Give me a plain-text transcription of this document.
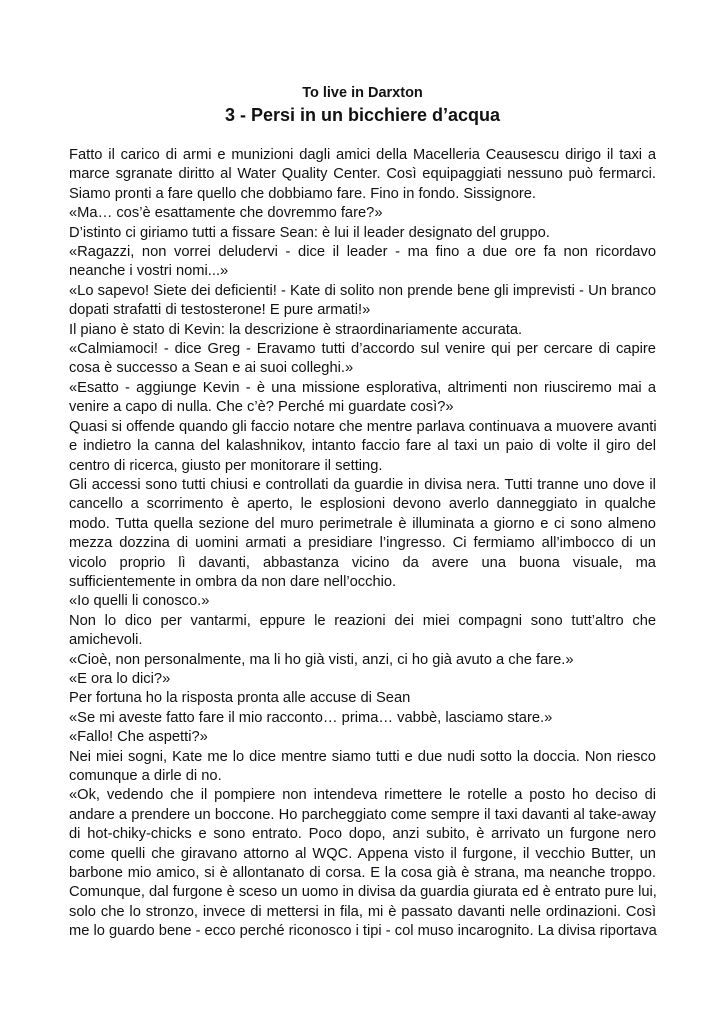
To live in Darxton
3 - Persi in un bicchiere d’acqua
Fatto il carico di armi e munizioni dagli amici della Macelleria Ceausescu dirigo il taxi a
marce sgranate diritto al Water Quality Center. Così equipaggiati nessuno può fermarci.
Siamo pronti a fare quello che dobbiamo fare. Fino in fondo. Sissignore.
«Ma… cos’è esattamente che dovremmo fare?»
D’istinto ci giriamo tutti a fissare Sean: è lui il leader designato del gruppo.
«Ragazzi, non vorrei deludervi - dice il leader - ma fino a due ore fa non ricordavo
neanche i vostri nomi...»
«Lo sapevo! Siete dei deficienti! - Kate di solito non prende bene gli imprevisti - Un branco
dopati strafatti di testosterone! E pure armati!»
Il piano è stato di Kevin: la descrizione è straordinariamente accurata.
«Calmiamoci! - dice Greg - Eravamo tutti d’accordo sul venire qui per cercare di capire
cosa è successo a Sean e ai suoi colleghi.»
«Esatto - aggiunge Kevin - è una missione esplorativa, altrimenti non riusciremo mai a
venire a capo di nulla. Che c’è? Perché mi guardate così?»
Quasi si offende quando gli faccio notare che mentre parlava continuava a muovere avanti
e indietro la canna del kalashnikov, intanto faccio fare al taxi un paio di volte il giro del
centro di ricerca, giusto per monitorare il setting.
Gli accessi sono tutti chiusi e controllati da guardie in divisa nera. Tutti tranne uno dove il
cancello a scorrimento è aperto, le esplosioni devono averlo danneggiato in qualche
modo. Tutta quella sezione del muro perimetrale è illuminata a giorno e ci sono almeno
mezza dozzina di uomini armati a presidiare l’ingresso. Ci fermiamo all’imbocco di un
vicolo proprio lì davanti, abbastanza vicino da avere una buona visuale, ma
sufficientemente in ombra da non dare nell’occhio.
«Io quelli li conosco.»
Non lo dico per vantarmi, eppure le reazioni dei miei compagni sono tutt’altro che
amichevoli.
«Cioè, non personalmente, ma li ho già visti, anzi, ci ho già avuto a che fare.»
«E ora lo dici?»
Per fortuna ho la risposta pronta alle accuse di Sean
«Se mi aveste fatto fare il mio racconto… prima… vabbè, lasciamo stare.»
«Fallo! Che aspetti?»
Nei miei sogni, Kate me lo dice mentre siamo tutti e due nudi sotto la doccia. Non riesco
comunque a dirle di no.
«Ok, vedendo che il pompiere non intendeva rimettere le rotelle a posto ho deciso di
andare a prendere un boccone. Ho parcheggiato come sempre il taxi davanti al take-away
di hot-chiky-chicks e sono entrato. Poco dopo, anzi subito, è arrivato un furgone nero
come quelli che giravano attorno al WQC. Appena visto il furgone, il vecchio Butter, un
barbone mio amico, si è allontanato di corsa. E la cosa già è strana, ma neanche troppo.
Comunque, dal furgone è sceso un uomo in divisa da guardia giurata ed è entrato pure lui,
solo che lo stronzo, invece di mettersi in fila, mi è passato davanti nelle ordinazioni. Così
me lo guardo bene - ecco perché riconosco i tipi - col muso incarognito. La divisa riportava
